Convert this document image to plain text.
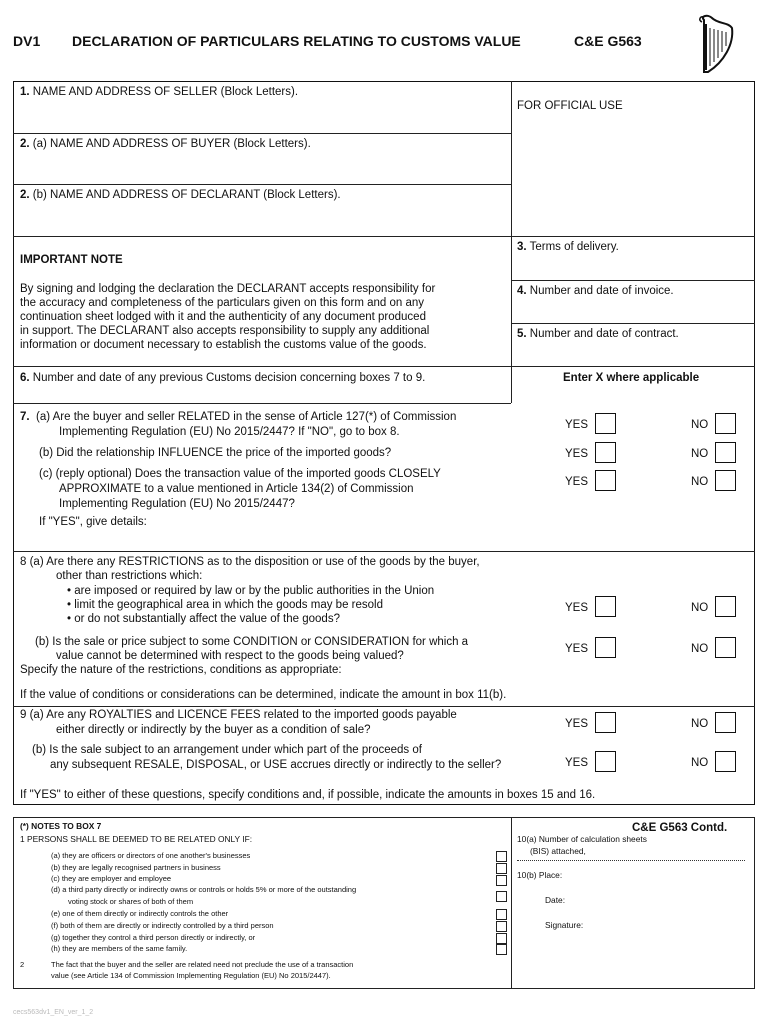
DV1 DECLARATION OF PARTICULARS RELATING TO CUSTOMS VALUE	C&E G563
1. NAME AND ADDRESS OF SELLER (Block Letters).
FOR OFFICIAL USE
2. (a) NAME AND ADDRESS OF BUYER (Block Letters).
2. (b) NAME AND ADDRESS OF DECLARANT (Block Letters).
IMPORTANT NOTE
By signing and lodging the declaration the DECLARANT accepts responsibility for
the accuracy and completeness of the particulars given on this form and on any
continuation sheet lodged with it and the authenticity of any document produced
in support. The DECLARANT also accepts responsibility to supply any additional
information or document necessary to establish the customs value of the goods.
3. Terms of delivery.
4. Number and date of invoice.
5. Number and date of contract.
6. Number and date of any previous Customs decision concerning boxes 7 to 9.	Enter X where applicable
7. (a) Are the buyer and seller RELATED in the sense of Article 127(*) of Commission
Implementing Regulation (EU) No 2015/2447? If "NO", go to box 8.
(b) Did the relationship INFLUENCE the price of the imported goods?
(c) (reply optional) Does the transaction value of the imported goods CLOSELY
APPROXIMATE to a value mentioned in Article 134(2) of Commission
Implementing Regulation (EU) No 2015/2447?
If "YES", give details:
YES	NO
YES	NO
YES	NO
8 (a) Are there any RESTRICTIONS as to the disposition or use of the goods by the buyer,
other than restrictions which:
• are imposed or required by law or by the public authorities in the Union
• limit the geographical area in which the goods may be resold
• or do not substantially affect the value of the goods?
(b) Is the sale or price subject to some CONDITION or CONSIDERATION for which a
value cannot be determined with respect to the goods being valued?
Specify the nature of the restrictions, conditions as appropriate:
If the value of conditions or considerations can be determined, indicate the amount in box 11(b).
YES	NO
YES	NO
9 (a) Are any ROYALTIES and LICENCE FEES related to the imported goods payable
either directly or indirectly by the buyer as a condition of sale?
(b) Is the sale subject to an arrangement under which part of the proceeds of
any subsequent RESALE, DISPOSAL, or USE accrues directly or indirectly to the seller?
If "YES" to either of these questions, specify conditions and, if possible, indicate the amounts in boxes 15 and 16.
YES	NO
YES	NO
(*) NOTES TO BOX 7
1 PERSONS SHALL BE DEEMED TO BE RELATED ONLY IF:
(a) they are officers or directors of one another's businesses
(b) they are legally recognised partners in business
(c) they are employer and employee
(d) a third party directly or indirectly owns or controls or holds 5% or more of the outstanding
voting stock or shares of both of them
(e) one of them directly or indirectly controls the other
(f) both of them are directly or indirectly controlled by a third person
(g) together they control a third person directly or indirectly, or
(h) they are members of the same family.
2	The fact that the buyer and the seller are related need not preclude the use of a transaction
value (see Article 134 of Commission Implementing Regulation (EU) No 2015/2447).
C&E G563 Contd.
10(a) Number of calculation sheets
(BIS) attached,
10(b) Place:
Date:
Signature:
cecs563dv1_EN_ver_1_2
